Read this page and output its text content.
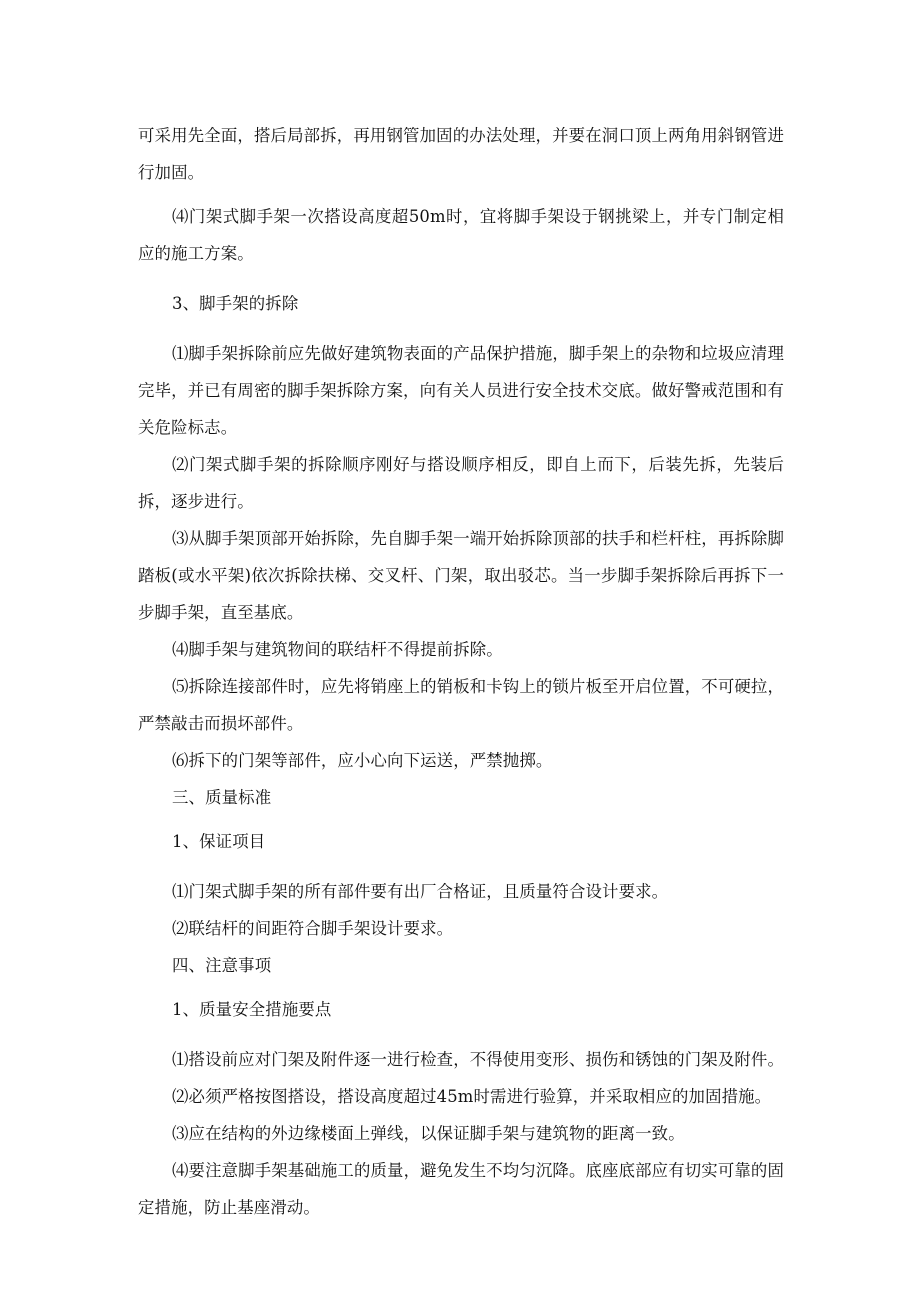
可采用先全面，搭后局部拆，再用钢管加固的办法处理，并要在洞口顶上两角用斜钢管进行加固。

⑷门架式脚手架一次搭设高度超50m时，宜将脚手架设于钢挑梁上，并专门制定相应的施工方案。

3、脚手架的拆除

⑴脚手架拆除前应先做好建筑物表面的产品保护措施，脚手架上的杂物和垃圾应清理完毕，并已有周密的脚手架拆除方案，向有关人员进行安全技术交底。做好警戒范围和有关危险标志。

⑵门架式脚手架的拆除顺序刚好与搭设顺序相反，即自上而下，后装先拆，先装后拆，逐步进行。

⑶从脚手架顶部开始拆除，先自脚手架一端开始拆除顶部的扶手和栏杆柱，再拆除脚踏板(或水平架)依次拆除扶梯、交叉杆、门架，取出驳芯。当一步脚手架拆除后再拆下一步脚手架，直至基底。

⑷脚手架与建筑物间的联结杆不得提前拆除。

⑸拆除连接部件时，应先将销座上的销板和卡钩上的锁片板至开启位置，不可硬拉，严禁敲击而损坏部件。

⑹拆下的门架等部件，应小心向下运送，严禁抛掷。

三、质量标准

1、保证项目

⑴门架式脚手架的所有部件要有出厂合格证，且质量符合设计要求。

⑵联结杆的间距符合脚手架设计要求。

四、注意事项

1、质量安全措施要点

⑴搭设前应对门架及附件逐一进行检查，不得使用变形、损伤和锈蚀的门架及附件。

⑵必须严格按图搭设，搭设高度超过45m时需进行验算，并采取相应的加固措施。

⑶应在结构的外边缘楼面上弹线，以保证脚手架与建筑物的距离一致。

⑷要注意脚手架基础施工的质量，避免发生不均匀沉降。底座底部应有切实可靠的固定措施，防止基座滑动。
